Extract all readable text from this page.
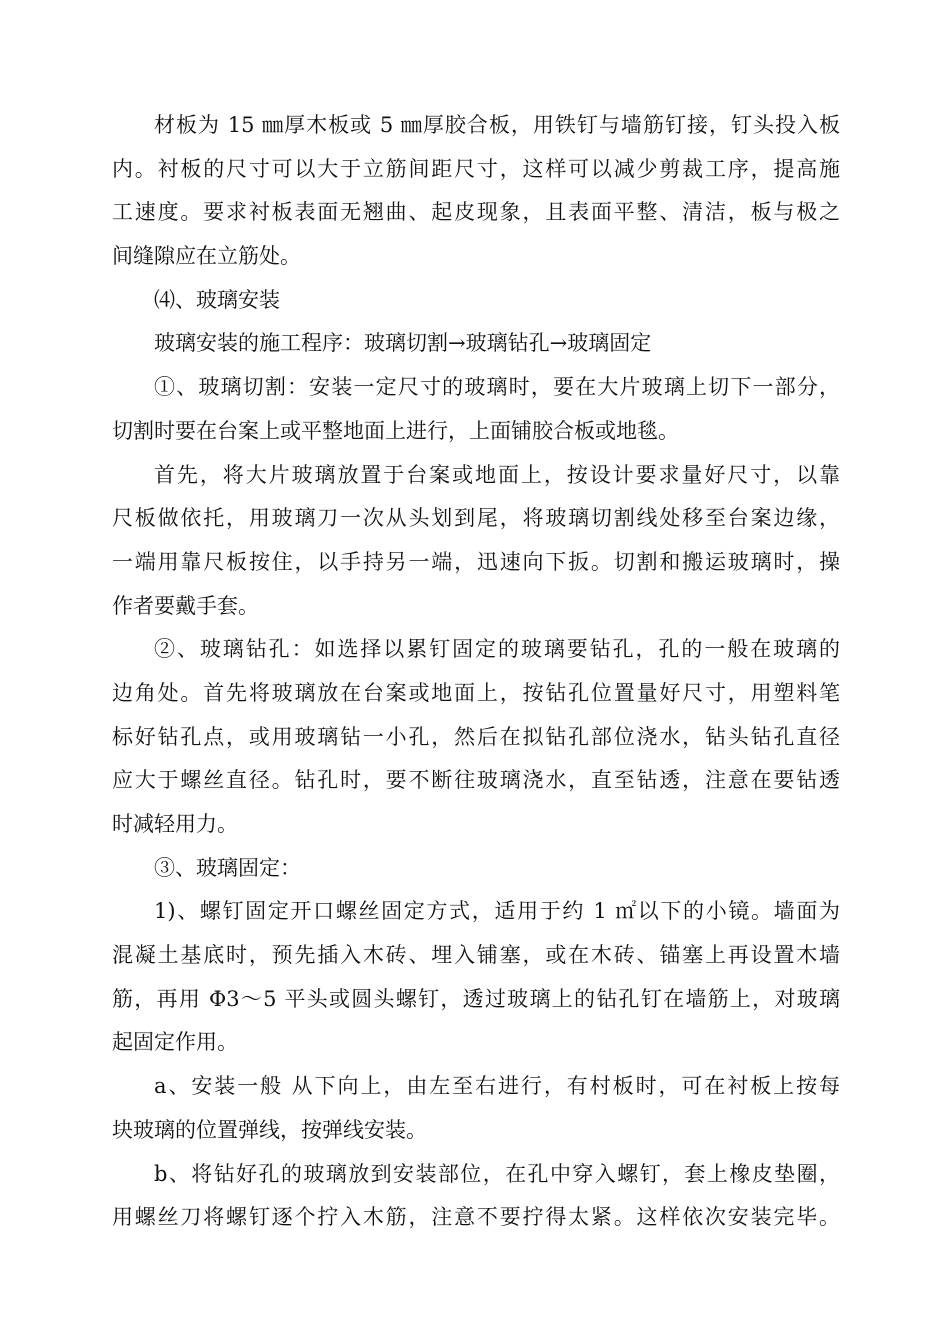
材板为 15 ㎜厚木板或 5 ㎜厚胶合板，用铁钉与墙筋钉接，钉头投入板
内。衬板的尺寸可以大于立筋间距尺寸，这样可以减少剪裁工序，提高施
工速度。要求衬板表面无翘曲、起皮现象，且表面平整、清洁，板与极之
间缝隙应在立筋处。
⑷、玻璃安装
玻璃安装的施工程序：玻璃切割→玻璃钻孔→玻璃固定
①、玻璃切割：安装一定尺寸的玻璃时，要在大片玻璃上切下一部分，
切割时要在台案上或平整地面上进行，上面铺胶合板或地毯。
首先，将大片玻璃放置于台案或地面上，按设计要求量好尺寸，以靠
尺板做依托，用玻璃刀一次从头划到尾，将玻璃切割线处移至台案边缘，
一端用靠尺板按住，以手持另一端，迅速向下扳。切割和搬运玻璃时，操
作者要戴手套。
②、玻璃钻孔：如选择以累钉固定的玻璃要钻孔，孔的一般在玻璃的
边角处。首先将玻璃放在台案或地面上，按钻孔位置量好尺寸，用塑料笔
标好钻孔点，或用玻璃钻一小孔，然后在拟钻孔部位浇水，钻头钻孔直径
应大于螺丝直径。钻孔时，要不断往玻璃浇水，直至钻透，注意在要钻透
时减轻用力。
③、玻璃固定：
1)、螺钉固定开口螺丝固定方式，适用于约 1 ㎡以下的小镜。墙面为
混凝土基底时，预先插入木砖、埋入铺塞，或在木砖、锚塞上再设置木墙
筋，再用 Φ3～5 平头或圆头螺钉，透过玻璃上的钻孔钉在墙筋上，对玻璃
起固定作用。
a、安装一般 从下向上，由左至右进行，有村板时，可在衬板上按每
块玻璃的位置弹线，按弹线安装。
b、将钻好孔的玻璃放到安装部位，在孔中穿入螺钉，套上橡皮垫圈，
用螺丝刀将螺钉逐个拧入木筋，注意不要拧得太紧。这样依次安装完毕。
